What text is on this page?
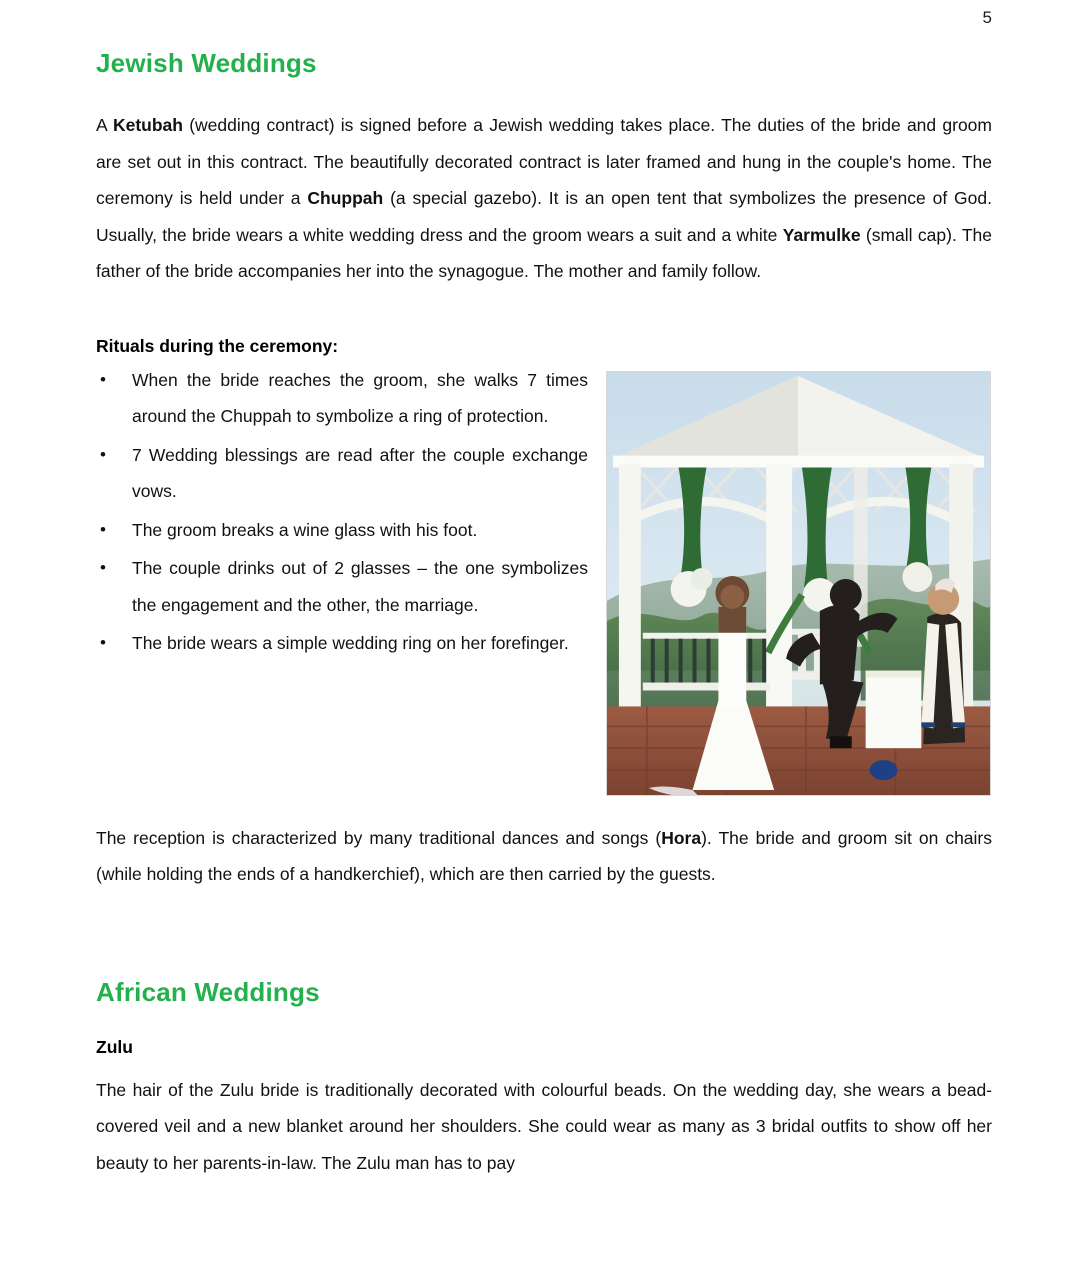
5
Jewish Weddings

A Ketubah (wedding contract) is signed before a Jewish wedding takes place. The duties of the bride and groom are set out in this contract. The beautifully decorated contract is later framed and hung in the couple's home. The ceremony is held under a Chuppah (a special gazebo). It is an open tent that symbolizes the presence of God. Usually, the bride wears a white wedding dress and the groom wears a suit and a white Yarmulke (small cap). The father of the bride accompanies her into the synagogue. The mother and family follow.

Rituals during the ceremony:

• When the bride reaches the groom, she walks 7 times around the Chuppah to symbolize a ring of protection.
• 7 Wedding blessings are read after the couple exchange vows.
• The groom breaks a wine glass with his foot.
• The couple drinks out of 2 glasses – the one symbolizes the engagement and the other, the marriage.
• The bride wears a simple wedding ring on her forefinger.

The reception is characterized by many traditional dances and songs (Hora). The bride and groom sit on chairs (while holding the ends of a handkerchief), which are then carried by the guests.

African Weddings

Zulu

The hair of the Zulu bride is traditionally decorated with colourful beads. On the wedding day, she wears a bead-covered veil and a new blanket around her shoulders. She could wear as many as 3 bridal outfits to show off her beauty to her parents-in-law. The Zulu man has to pay
